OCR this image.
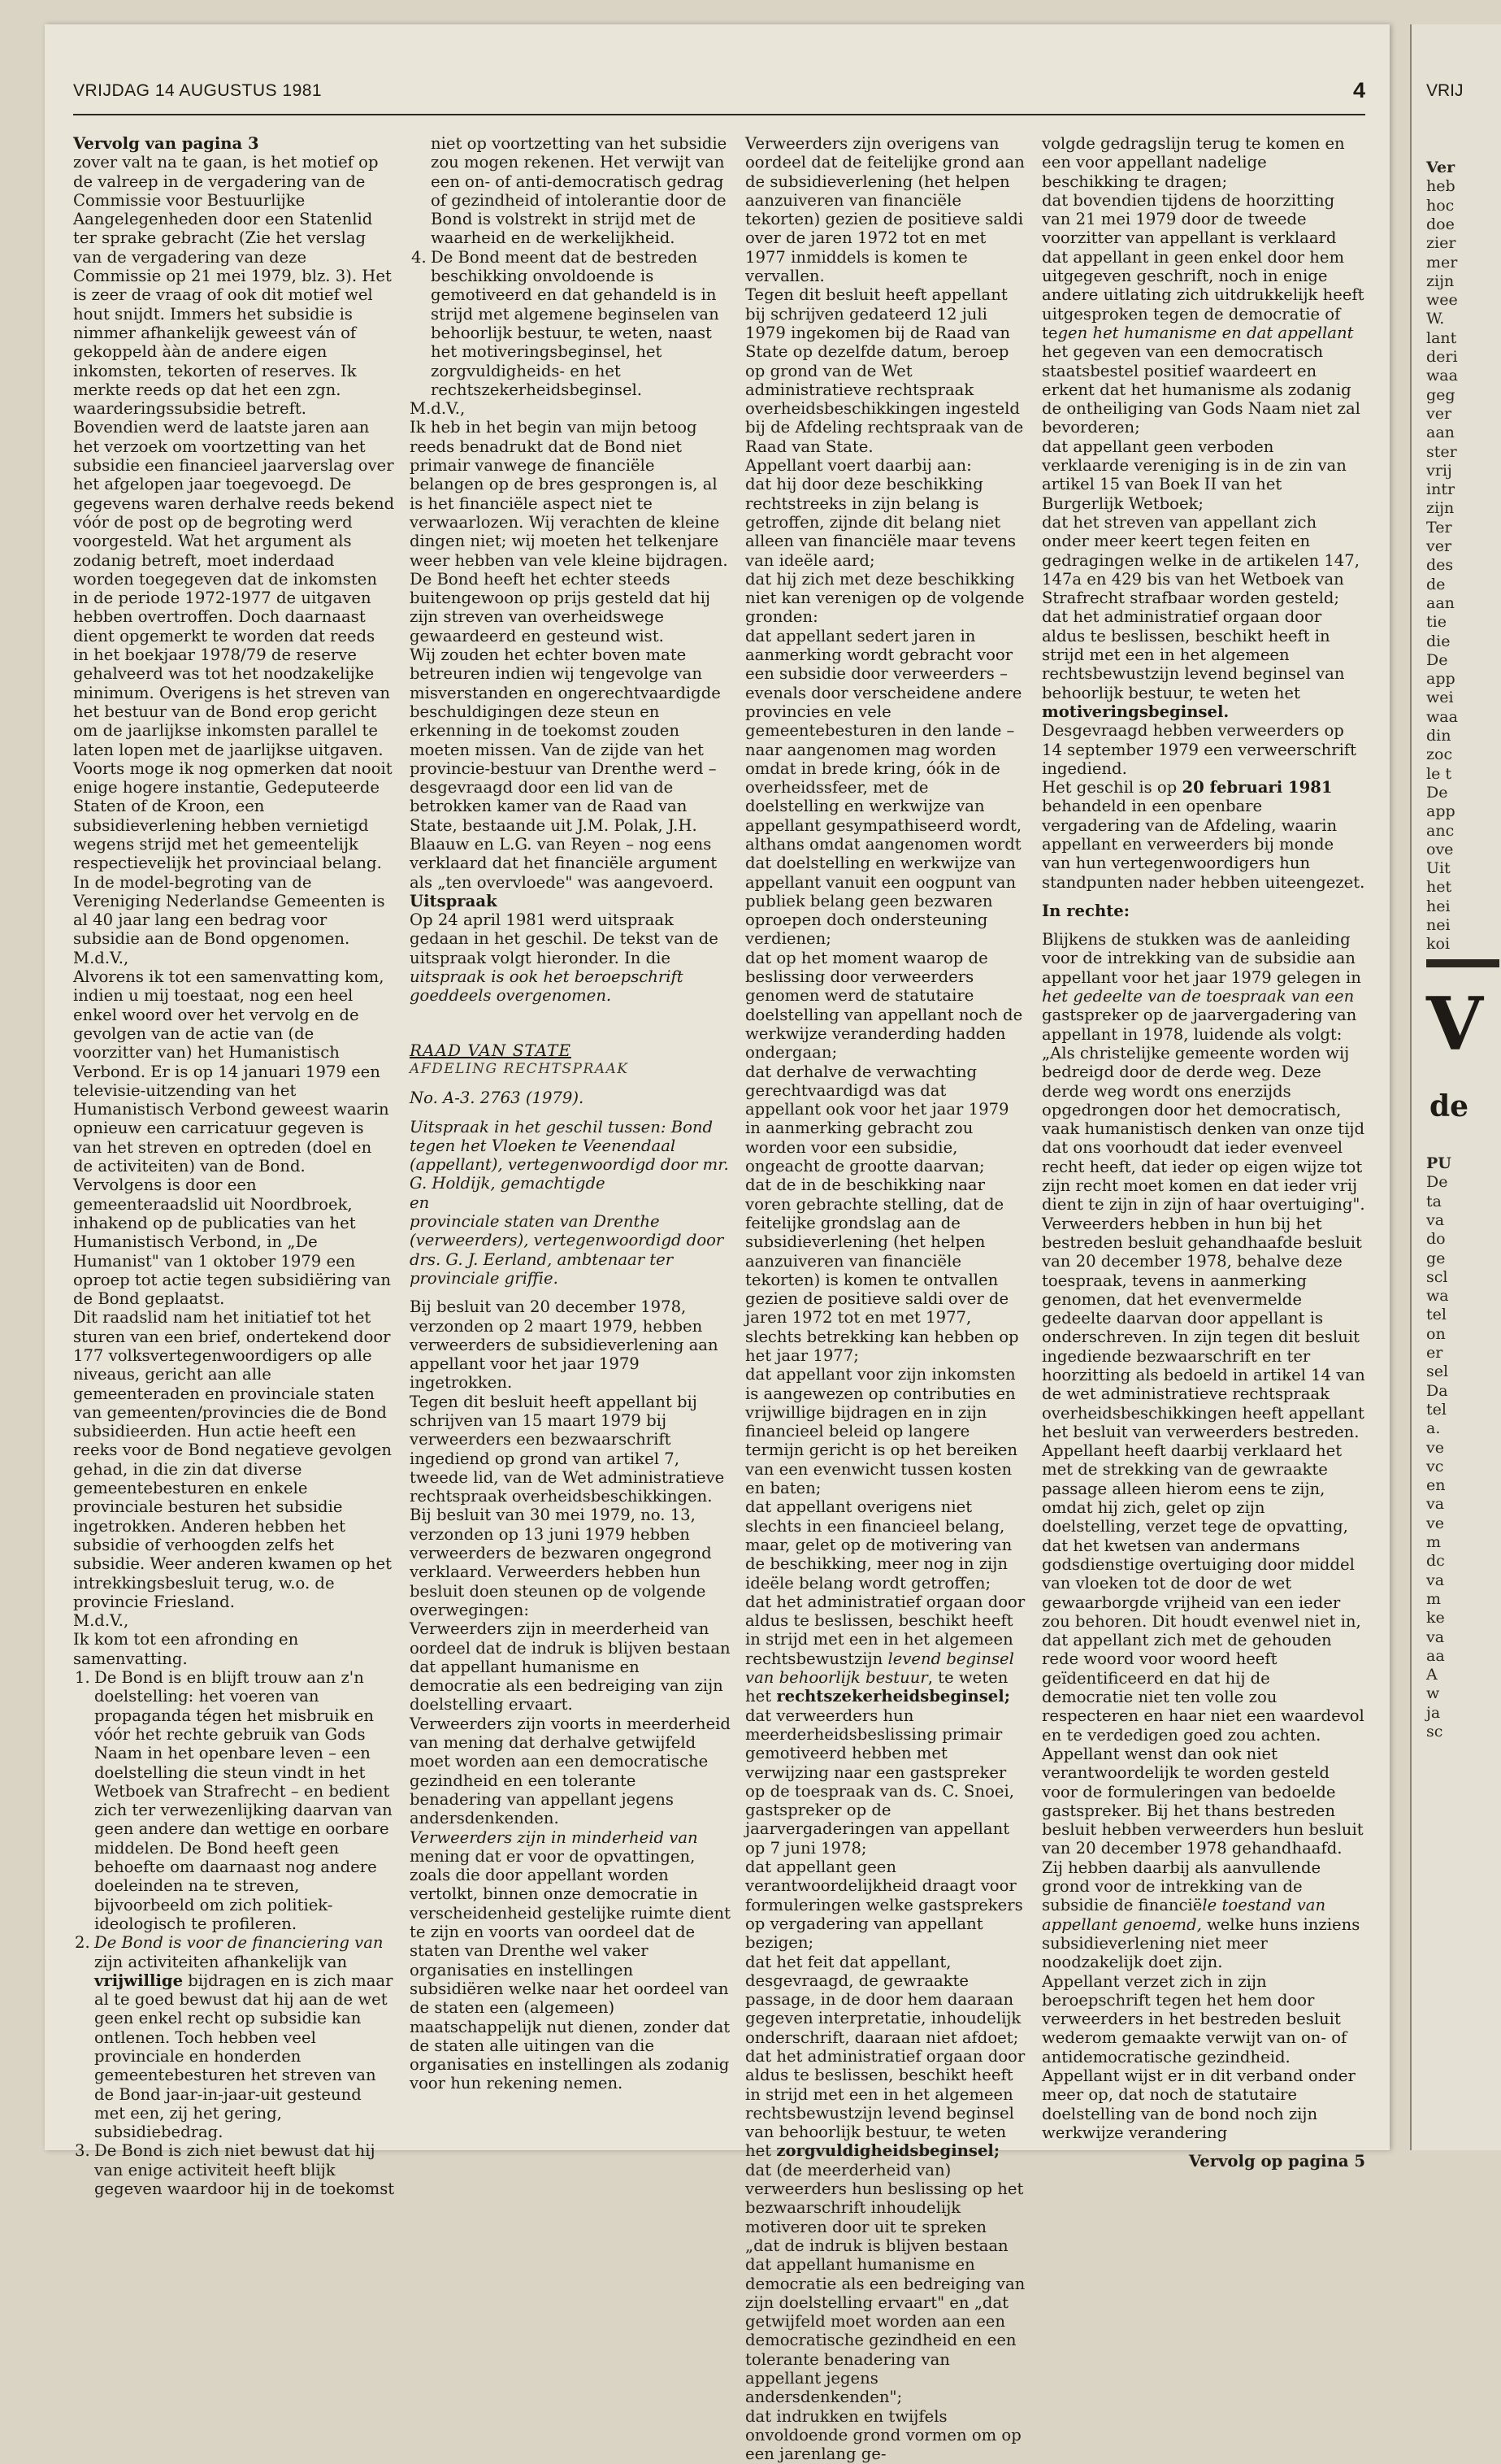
VRIJ
Ver
heb
hoc
doe
zier
mer
zijn
wee
W.
lant
deri
waa
geg
ver
aan
ster
vrij
intr
zijn
Ter
ver
des
de
aan
tie
die
De
app
wei
waa
din
zoc
le t
De
app
anc
ove
Uit
het
hei
nei
koi
V
de
PU
De
ta
va
do
ge
scl
wa
tel
on
er
sel
Da
tel
a.
ve
vc
en
va
ve
m
dc
va
m
ke
va
aa
A
w
ja
sc
VRIJDAG 14 AUGUSTUS 1981	4

Vervolg van pagina 3

zover valt na te gaan, is het motief op de valreep in de vergadering van de Commissie voor Bestuurlijke Aangelegenheden door een Statenlid ter sprake gebracht (Zie het verslag van de vergadering van deze Commissie op 21 mei 1979, blz. 3). Het is zeer de vraag of ook dit motief wel hout snijdt. Immers het subsidie is nimmer afhankelijk geweest ván of gekoppeld ààn de andere eigen inkomsten, tekorten of reserves. Ik merkte reeds op dat het een zgn. waarderingssubsidie betreft. Bovendien werd de laatste jaren aan het verzoek om voortzetting van het subsidie een financieel jaarverslag over het afgelopen jaar toegevoegd. De gegevens waren derhalve reeds bekend vóór de post op de begroting werd voorgesteld. Wat het argument als zodanig betreft, moet inderdaad worden toegegeven dat de inkomsten in de periode 1972-1977 de uitgaven hebben overtroffen. Doch daarnaast dient opgemerkt te worden dat reeds in het boekjaar 1978/79 de reserve gehalveerd was tot het noodzakelijke minimum. Overigens is het streven van het bestuur van de Bond erop gericht om de jaarlijkse inkomsten parallel te laten lopen met de jaarlijkse uitgaven. Voorts moge ik nog opmerken dat nooit enige hogere instantie, Gedeputeerde Staten of de Kroon, een subsidieverlening hebben vernietigd wegens strijd met het gemeentelijk respectievelijk het provinciaal belang. In de model-begroting van de Vereniging Nederlandse Gemeenten is al 40 jaar lang een bedrag voor subsidie aan de Bond opgenomen.

M.d.V.,

Alvorens ik tot een samenvatting kom, indien u mij toestaat, nog een heel enkel woord over het vervolg en de gevolgen van de actie van (de voorzitter van) het Humanistisch Verbond. Er is op 14 januari 1979 een televisie-uitzending van het Humanistisch Verbond geweest waarin opnieuw een carricatuur gegeven is van het streven en optreden (doel en de activiteiten) van de Bond. Vervolgens is door een gemeenteraadslid uit Noordbroek, inhakend op de publicaties van het Humanistisch Verbond, in „De Humanist" van 1 oktober 1979 een oproep tot actie tegen subsidiëring van de Bond geplaatst.

Dit raadslid nam het initiatief tot het sturen van een brief, ondertekend door 177 volksvertegenwoordigers op alle niveaus, gericht aan alle gemeenteraden en provinciale staten van gemeenten/provincies die de Bond subsidieerden. Hun actie heeft een reeks voor de Bond negatieve gevolgen gehad, in die zin dat diverse gemeentebesturen en enkele provinciale besturen het subsidie ingetrokken. Anderen hebben het subsidie of verhoogden zelfs het subsidie. Weer anderen kwamen op het intrekkingsbesluit terug, w.o. de provincie Friesland.

M.d.V.,

Ik kom tot een afronding en samenvatting.

1. De Bond is en blijft trouw aan z'n doelstelling: het voeren van propaganda tégen het misbruik en vóór het rechte gebruik van Gods Naam in het openbare leven – een doelstelling die steun vindt in het Wetboek van Strafrecht – en bedient zich ter verwezenlijking daarvan van geen andere dan wettige en oorbare middelen. De Bond heeft geen behoefte om daarnaast nog andere doeleinden na te streven, bijvoorbeeld om zich politiek-ideologisch te profileren.
2. De Bond is voor de financiering van zijn activiteiten afhankelijk van vrijwillige bijdragen en is zich maar al te goed bewust dat hij aan de wet geen enkel recht op subsidie kan ontlenen. Toch hebben veel provinciale en honderden gemeentebesturen het streven van de Bond jaar-in-jaar-uit gesteund met een, zij het gering, subsidiebedrag.
3. De Bond is zich niet bewust dat hij van enige activiteit heeft blijk gegeven waardoor hij in de toekomst

niet op voortzetting van het subsidie zou mogen rekenen. Het verwijt van een on- of anti-democratisch gedrag of gezindheid of intolerantie door de Bond is volstrekt in strijd met de waarheid en de werkelijkheid.

4. De Bond meent dat de bestreden beschikking onvoldoende is gemotiveerd en dat gehandeld is in strijd met algemene beginselen van behoorlijk bestuur, te weten, naast het motiveringsbeginsel, het zorgvuldigheids- en het rechtszekerheidsbeginsel.

M.d.V.,

Ik heb in het begin van mijn betoog reeds benadrukt dat de Bond niet primair vanwege de financiële belangen op de bres gesprongen is, al is het financiële aspect niet te verwaarlozen. Wij verachten de kleine dingen niet; wij moeten het telkenjare weer hebben van vele kleine bijdragen. De Bond heeft het echter steeds buitengewoon op prijs gesteld dat hij zijn streven van overheidswege gewaardeerd en gesteund wist.

Wij zouden het echter boven mate betreuren indien wij tengevolge van misverstanden en ongerechtvaardigde beschuldigingen deze steun en erkenning in de toekomst zouden moeten missen. Van de zijde van het provincie-bestuur van Drenthe werd – desgevraagd door een lid van de betrokken kamer van de Raad van State, bestaande uit J.M. Polak, J.H. Blaauw en L.G. van Reyen – nog eens verklaard dat het financiële argument als „ten overvloede" was aangevoerd.

Uitspraak

Op 24 april 1981 werd uitspraak gedaan in het geschil. De tekst van de uitspraak volgt hieronder. In die uitspraak is ook het beroepschrift goeddeels overgenomen.

RAAD VAN STATE

AFDELING RECHTSPRAAK

No. A-3. 2763 (1979).

Uitspraak in het geschil tussen: Bond tegen het Vloeken te Veenendaal (appellant), vertegenwoordigd door mr. G. Holdijk, gemachtigde

en

provinciale staten van Drenthe (verweerders), vertegenwoordigd door drs. G. J. Eerland, ambtenaar ter provinciale griffie.

Bij besluit van 20 december 1978, verzonden op 2 maart 1979, hebben verweerders de subsidieverlening aan appellant voor het jaar 1979 ingetrokken.

Tegen dit besluit heeft appellant bij schrijven van 15 maart 1979 bij verweerders een bezwaarschrift ingediend op grond van artikel 7, tweede lid, van de Wet administratieve rechtspraak overheidsbeschikkingen.

Bij besluit van 30 mei 1979, no. 13, verzonden op 13 juni 1979 hebben verweerders de bezwaren ongegrond verklaard. Verweerders hebben hun besluit doen steunen op de volgende overwegingen:

Verweerders zijn in meerderheid van oordeel dat de indruk is blijven bestaan dat appellant humanisme en democratie als een bedreiging van zijn doelstelling ervaart.

Verweerders zijn voorts in meerderheid van mening dat derhalve getwijfeld moet worden aan een democratische gezindheid en een tolerante benadering van appellant jegens andersdenkenden.

Verweerders zijn in minderheid van mening dat er voor de opvattingen, zoals die door appellant worden vertolkt, binnen onze democratie in verscheidenheid gestelijke ruimte dient te zijn en voorts van oordeel dat de staten van Drenthe wel vaker organisaties en instellingen subsidiëren welke naar het oordeel van de staten een (algemeen) maatschappelijk nut dienen, zonder dat de staten alle uitingen van die organisaties en instellingen als zodanig voor hun rekening nemen.

Verweerders zijn overigens van oordeel dat de feitelijke grond aan de subsidieverlening (het helpen aanzuiveren van financiële tekorten) gezien de positieve saldi over de jaren 1972 tot en met 1977 inmiddels is komen te vervallen.

Tegen dit besluit heeft appellant bij schrijven gedateerd 12 juli 1979 ingekomen bij de Raad van State op dezelfde datum, beroep op grond van de Wet administratieve rechtspraak overheidsbeschikkingen ingesteld bij de Afdeling rechtspraak van de Raad van State.

Appellant voert daarbij aan:

dat hij door deze beschikking rechtstreeks in zijn belang is getroffen, zijnde dit belang niet alleen van financiële maar tevens van ideële aard;

dat hij zich met deze beschikking niet kan verenigen op de volgende gronden:

dat appellant sedert jaren in aanmerking wordt gebracht voor een subsidie door verweerders – evenals door verscheidene andere provincies en vele gemeentebesturen in den lande – naar aangenomen mag worden omdat in brede kring, óók in de overheidssfeer, met de doelstelling en werkwijze van appellant gesympathiseerd wordt, althans omdat aangenomen wordt dat doelstelling en werkwijze van appellant vanuit een oogpunt van publiek belang geen bezwaren oproepen doch ondersteuning verdienen;

dat op het moment waarop de beslissing door verweerders genomen werd de statutaire doelstelling van appellant noch de werkwijze veranderding hadden ondergaan;

dat derhalve de verwachting gerechtvaardigd was dat appellant ook voor het jaar 1979 in aanmerking gebracht zou worden voor een subsidie, ongeacht de grootte daarvan;

dat de in de beschikking naar voren gebrachte stelling, dat de feitelijke grondslag aan de subsidieverlening (het helpen aanzuiveren van financiële tekorten) is komen te ontvallen gezien de positieve saldi over de jaren 1972 tot en met 1977, slechts betrekking kan hebben op het jaar 1977;

dat appellant voor zijn inkomsten is aangewezen op contributies en vrijwillige bijdragen en in zijn financieel beleid op langere termijn gericht is op het bereiken van een evenwicht tussen kosten en baten;

dat appellant overigens niet slechts in een financieel belang, maar, gelet op de motivering van de beschikking, meer nog in zijn ideële belang wordt getroffen;

dat het administratief orgaan door aldus te beslissen, beschikt heeft in strijd met een in het algemeen rechtsbewustzijn levend beginsel van behoorlijk bestuur, te weten het rechtszekerheidsbeginsel;

dat verweerders hun meerderheidsbeslissing primair gemotiveerd hebben met verwijzing naar een gastspreker op de toespraak van ds. C. Snoei, gastspreker op de jaarvergaderingen van appellant op 7 juni 1978;

dat appellant geen verantwoordelijkheid draagt voor formuleringen welke gastsprekers op vergadering van appellant bezigen;

dat het feit dat appellant, desgevraagd, de gewraakte passage, in de door hem daaraan gegeven interpretatie, inhoudelijk onderschrift, daaraan niet afdoet;

dat het administratief orgaan door aldus te beslissen, beschikt heeft in strijd met een in het algemeen rechtsbewustzijn levend beginsel van behoorlijk bestuur, te weten het zorgvuldigheidsbeginsel;

dat (de meerderheid van) verweerders hun beslissing op het bezwaarschrift inhoudelijk motiveren door uit te spreken „dat de indruk is blijven bestaan dat appellant humanisme en democratie als een bedreiging van zijn doelstelling ervaart" en „dat getwijfeld moet worden aan een democratische gezindheid en een tolerante benadering van appellant jegens andersdenkenden";

dat indrukken en twijfels onvoldoende grond vormen om op een jarenlang ge-

volgde gedragslijn terug te komen en een voor appellant nadelige beschikking te dragen;

dat bovendien tijdens de hoorzitting van 21 mei 1979 door de tweede voorzitter van appellant is verklaard dat appellant in geen enkel door hem uitgegeven geschrift, noch in enige andere uitlating zich uitdrukkelijk heeft uitgesproken tegen de democratie of tegen het humanisme en dat appellant het gegeven van een democratisch staatsbestel positief waardeert en erkent dat het humanisme als zodanig de ontheiliging van Gods Naam niet zal bevorderen;

dat appellant geen verboden verklaarde vereniging is in de zin van artikel 15 van Boek II van het Burgerlijk Wetboek;

dat het streven van appellant zich onder meer keert tegen feiten en gedragingen welke in de artikelen 147, 147a en 429 bis van het Wetboek van Strafrecht strafbaar worden gesteld;

dat het administratief orgaan door aldus te beslissen, beschikt heeft in strijd met een in het algemeen rechtsbewustzijn levend beginsel van behoorlijk bestuur, te weten het motiveringsbeginsel.

Desgevraagd hebben verweerders op 14 september 1979 een verweerschrift ingediend.

Het geschil is op 20 februari 1981 behandeld in een openbare vergadering van de Afdeling, waarin appellant en verweerders bij monde van hun vertegenwoordigers hun standpunten nader hebben uiteengezet.

In rechte:

Blijkens de stukken was de aanleiding voor de intrekking van de subsidie aan appellant voor het jaar 1979 gelegen in het gedeelte van de toespraak van een gastspreker op de jaarvergadering van appellant in 1978, luidende als volgt: „Als christelijke gemeente worden wij bedreigd door de derde weg. Deze derde weg wordt ons enerzijds opgedrongen door het democratisch, vaak humanistisch denken van onze tijd dat ons voorhoudt dat ieder evenveel recht heeft, dat ieder op eigen wijze tot zijn recht moet komen en dat ieder vrij dient te zijn in zijn of haar overtuiging". Verweerders hebben in hun bij het bestreden besluit gehandhaafde besluit van 20 december 1978, behalve deze toespraak, tevens in aanmerking genomen, dat het evenvermelde gedeelte daarvan door appellant is onderschreven. In zijn tegen dit besluit ingediende bezwaarschrift en ter hoorzitting als bedoeld in artikel 14 van de wet administratieve rechtspraak overheidsbeschikkingen heeft appellant het besluit van verweerders bestreden.

Appellant heeft daarbij verklaard het met de strekking van de gewraakte passage alleen hierom eens te zijn, omdat hij zich, gelet op zijn doelstelling, verzet tege de opvatting, dat het kwetsen van andermans godsdienstige overtuiging door middel van vloeken tot de door de wet gewaarborgde vrijheid van een ieder zou behoren. Dit houdt evenwel niet in, dat appellant zich met de gehouden rede woord voor woord heeft geïdentificeerd en dat hij de democratie niet ten volle zou respecteren en haar niet een waardevol en te verdedigen goed zou achten. Appellant wenst dan ook niet verantwoordelijk te worden gesteld voor de formuleringen van bedoelde gastspreker. Bij het thans bestreden besluit hebben verweerders hun besluit van 20 december 1978 gehandhaafd. Zij hebben daarbij als aanvullende grond voor de intrekking van de subsidie de financiële toestand van appellant genoemd, welke huns inziens subsidieverlening niet meer noodzakelijk doet zijn.

Appellant verzet zich in zijn beroepschrift tegen het hem door verweerders in het bestreden besluit wederom gemaakte verwijt van on- of antidemocratische gezindheid. Appellant wijst er in dit verband onder meer op, dat noch de statutaire doelstelling van de bond noch zijn werkwijze verandering

Vervolg op pagina 5
